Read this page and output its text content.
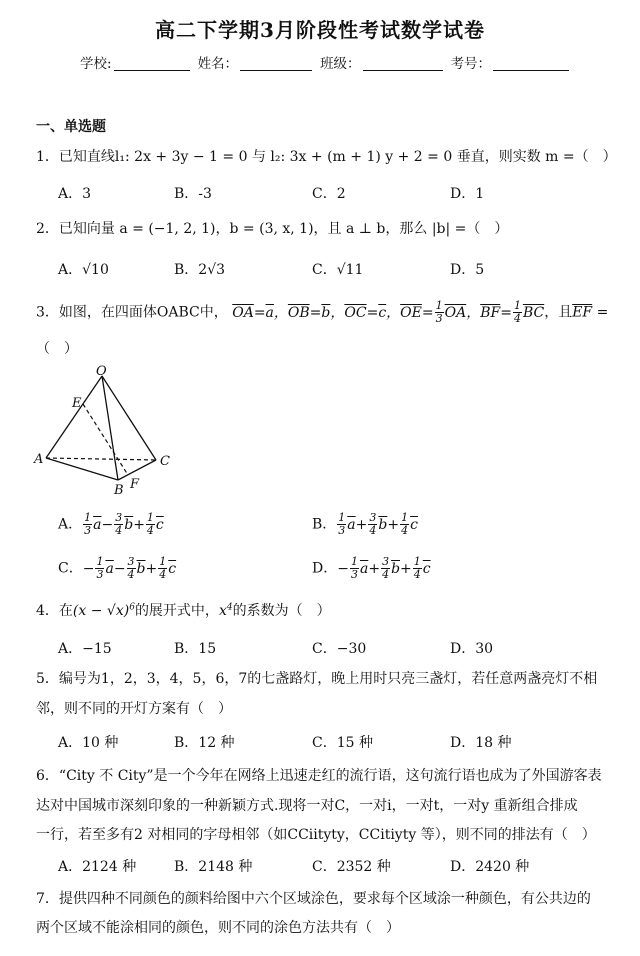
高二下学期3月阶段性考试数学试卷
学校:	姓名：	班级：	考号：
一、单选题
1．已知直线l₁: 2x + 3y − 1 = 0 与 l₂: 3x + (m + 1) y + 2 = 0 垂直，则实数 m =（　）
A．3	B．-3	C．2	D．1
2．已知向量 a = (−1, 2, 1)，b = (3, x, 1)，且 a ⊥ b，那么 |b| =（　）
A．√10	B．2√3	C．√11	D．5
3．如图，在四面体OABC中， $\overline{OA}=\overline{a}$，$\overline{OB}=\overline{b}$，$\overline{OC}=\overline{c}$，$\overline{OE}= \frac{1}{3} \overline{OA}$，$\overline{BF}= \frac{1}{4} \overline{BC}$，且$\overline{EF}$ =
（　）
O
E
A	C
B F
A． $\frac{1}{3} \overline{a}- \frac{3}{4} \overline{b}+ \frac{1}{4} \overline{c}$	B． $\frac{1}{3} \overline{a}+ \frac{3}{4} \overline{b}+ \frac{1}{4} \overline{c}$
C．− $\frac{1}{3} \overline{a}- \frac{3}{4} \overline{b}+ \frac{1}{4} \overline{c}$	D．− $\frac{1}{3} \overline{a}+ \frac{3}{4} \overline{b}+ \frac{1}{4} \overline{c}$
4．在$(x - √x)^6$的展开式中，$x^4$的系数为（　）
A．−15	B．15	C．−30	D．30
5．编号为1，2，3，4，5，6，7的七盏路灯，晚上用时只亮三盏灯，若任意两盏亮灯不相
邻，则不同的开灯方案有（　）
A．10 种	B．12 种	C．15 种	D．18 种
6．“City 不 City”是一个今年在网络上迅速走红的流行语，这句流行语也成为了外国游客表
达对中国城市深刻印象的一种新颖方式.现将一对C，一对i，一对t，一对y 重新组合排成
一行，若至多有2 对相同的字母相邻（如CCiityty，CCitiyty 等），则不同的排法有（　）
A．2124 种	B．2148 种	C．2352 种	D．2420 种
7．提供四种不同颜色的颜料给图中六个区域涂色，要求每个区域涂一种颜色，有公共边的
两个区域不能涂相同的颜色，则不同的涂色方法共有（　）
